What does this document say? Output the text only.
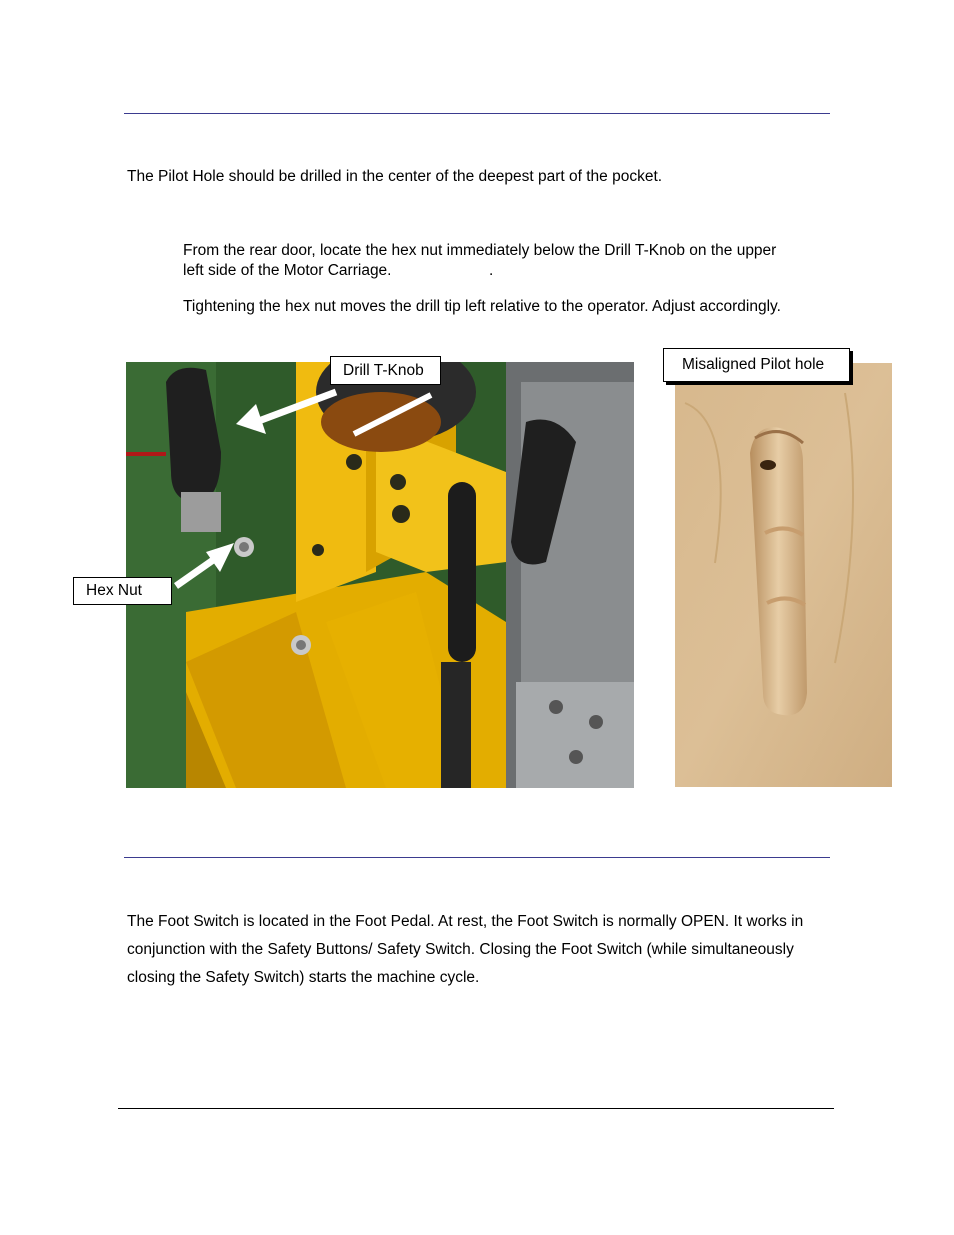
The Pilot Hole should be drilled in the center of the deepest part of the pocket.
From the rear door, locate the hex nut immediately below the Drill T-Knob on the upper
left side of the Motor Carriage.	.
Tightening the hex nut moves the drill tip left relative to the operator. Adjust accordingly.
Drill T-Knob
Hex Nut
Misaligned Pilot hole
The Foot Switch is located in the Foot Pedal. At rest, the Foot Switch is normally OPEN. It works in conjunction with the Safety Buttons/ Safety Switch. Closing the Foot Switch (while simultaneously closing the Safety Switch) starts the machine cycle.
